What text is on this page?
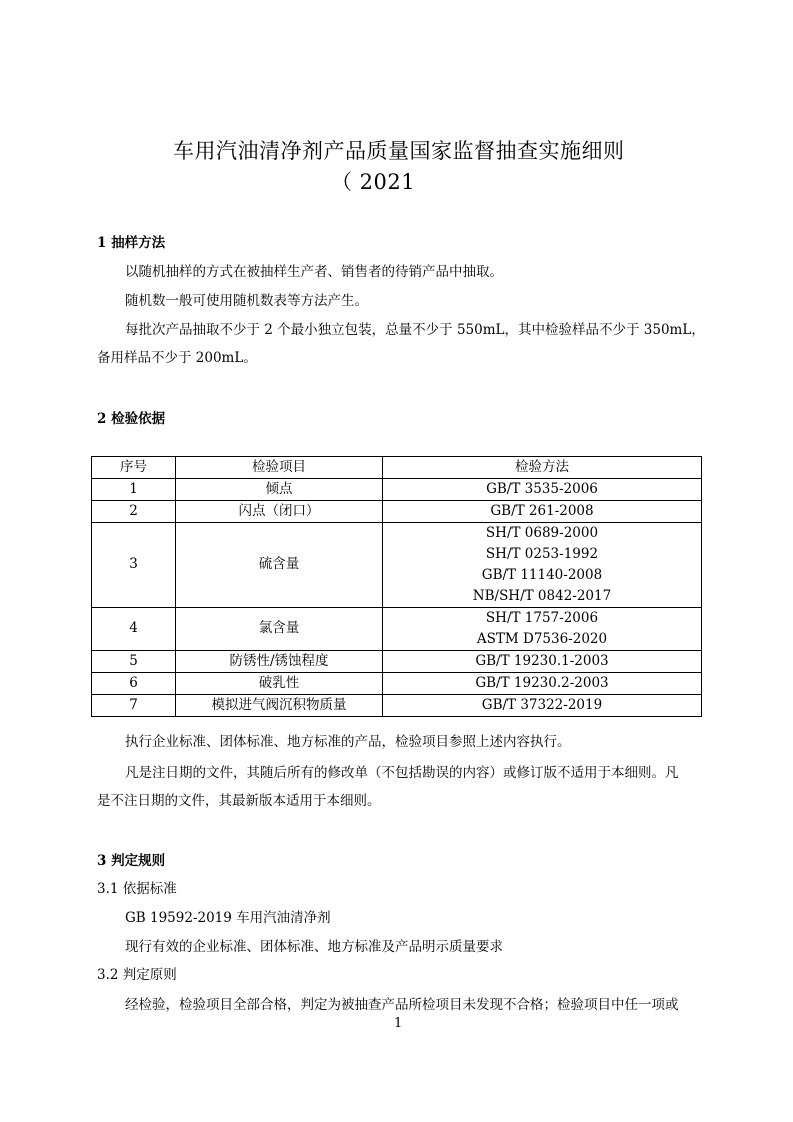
车用汽油清净剂产品质量国家监督抽查实施细则
（ 2021
1 抽样方法
以随机抽样的方式在被抽样生产者、销售者的待销产品中抽取。
随机数一般可使用随机数表等方法产生。
每批次产品抽取不少于 2 个最小独立包装，总量不少于 550mL，其中检验样品不少于 350mL，
备用样品不少于 200mL。
2 检验依据
序号	检验项目	检验方法
1	倾点	GB/T 3535-2006

2	闪点（闭口）	GB/T 261-2008

3	硫含量	SH/T 0689-2000
SH/T 0253-1992
GB/T 11140-2008
NB/SH/T 0842-2017

4	氯含量	SH/T 1757-2006
ASTM D7536-2020

5	防锈性/锈蚀程度	GB/T 19230.1-2003

6	破乳性	GB/T 19230.2-2003

7	模拟进气阀沉积物质量	GB/T 37322-2019
执行企业标准、团体标准、地方标准的产品，检验项目参照上述内容执行。
凡是注日期的文件，其随后所有的修改单（不包括勘误的内容）或修订版不适用于本细则。凡
是不注日期的文件，其最新版本适用于本细则。
3 判定规则
3.1 依据标准
GB 19592-2019 车用汽油清净剂
现行有效的企业标准、团体标准、地方标准及产品明示质量要求
3.2 判定原则
经检验，检验项目全部合格，判定为被抽查产品所检项目未发现不合格；检验项目中任一项或
1
